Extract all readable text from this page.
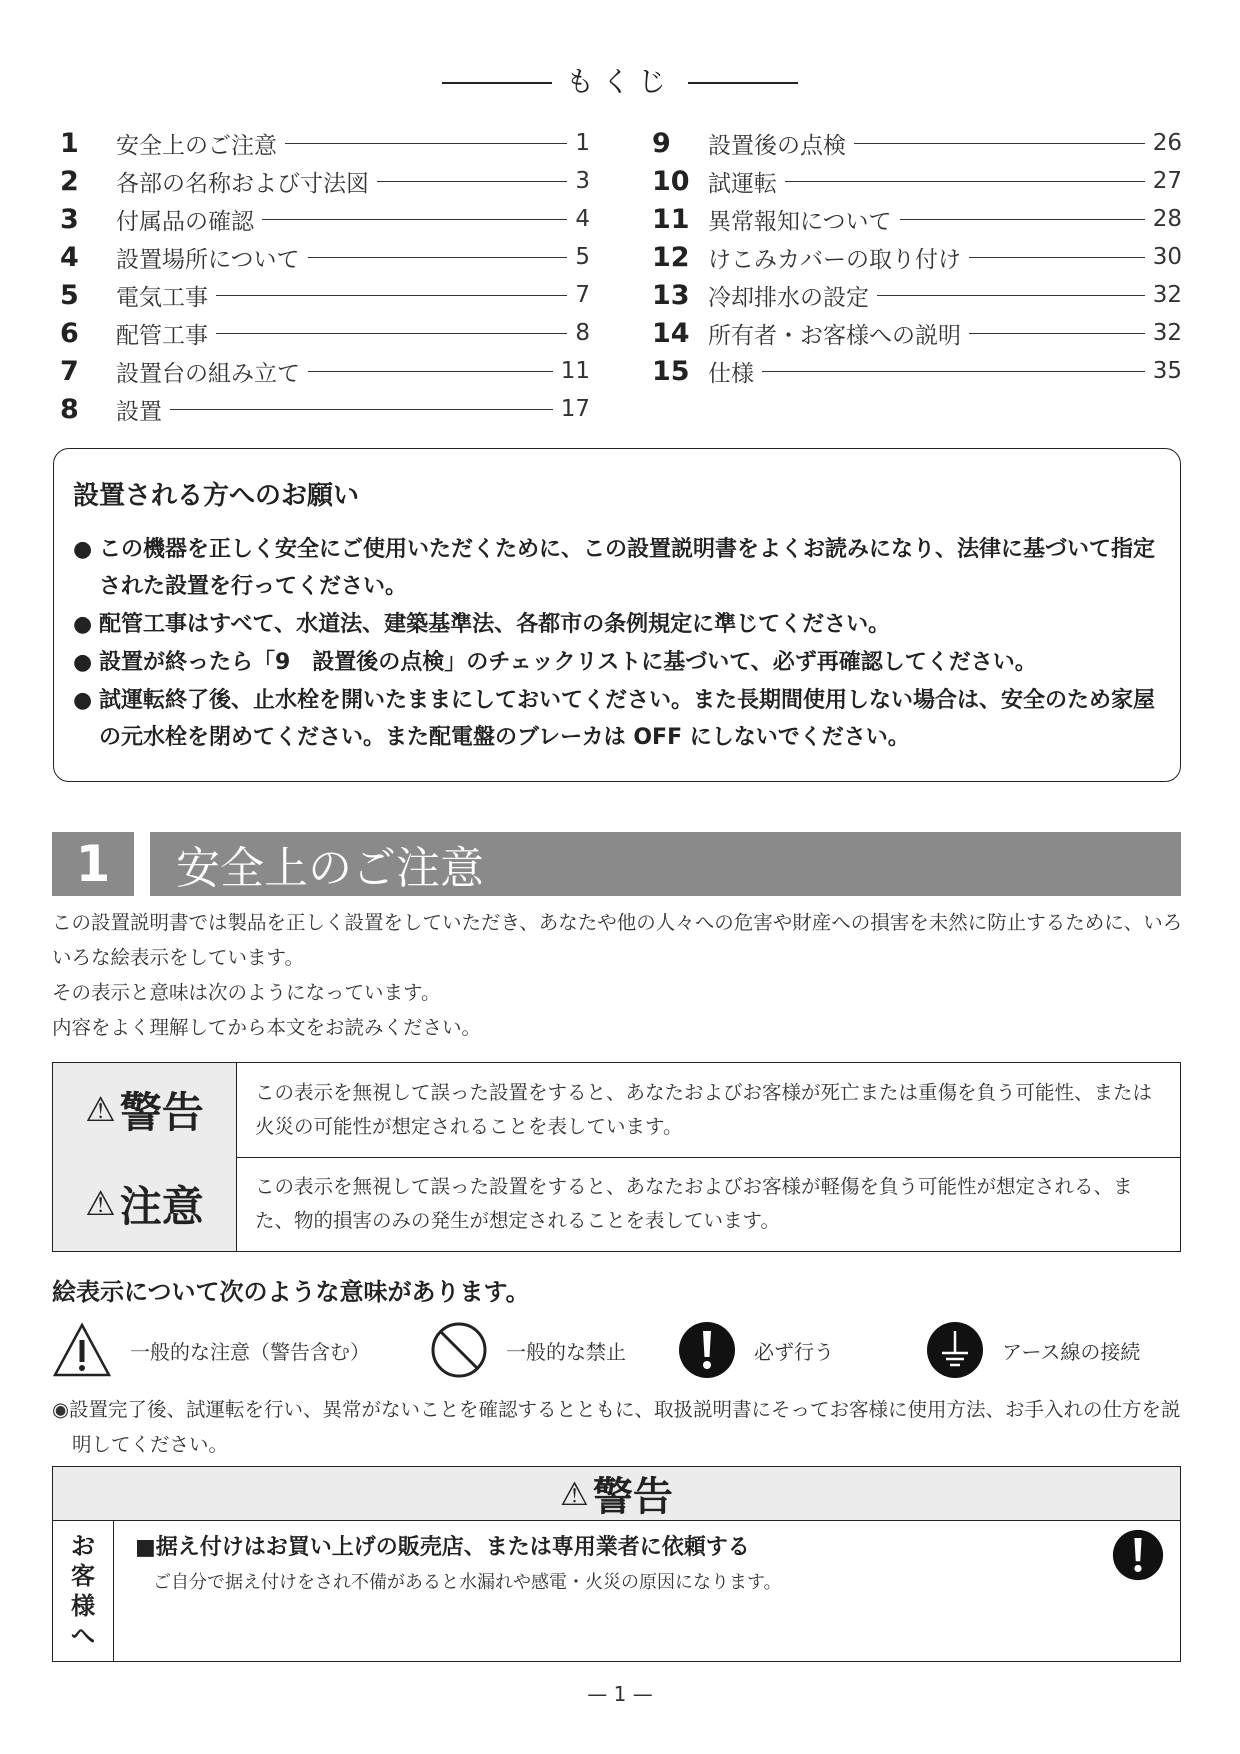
もくじ
1	安全上のご注意	1
2	各部の名称および寸法図	3
3	付属品の確認	4
4	設置場所について	5
5	電気工事	7
6	配管工事	8
7	設置台の組み立て	11
8	設置	17
9	設置後の点検	26
10 試運転	27
11 異常報知について	28
12 けこみカバーの取り付け	30
13 冷却排水の設定	32
14 所有者・お客様への説明	32
15 仕様	35
設置される方へのお願い
● この機器を正しく安全にご使用いただくために、この設置説明書をよくお読みになり、法律に基づいて指定された設置を行ってください。
● 配管工事はすべて、水道法、建築基準法、各都市の条例規定に準じてください。
● 設置が終ったら「9　設置後の点検」のチェックリストに基づいて、必ず再確認してください。
● 試運転終了後、止水栓を開いたままにしておいてください。また長期間使用しない場合は、安全のため家屋の元水栓を閉めてください。また配電盤のブレーカは OFF にしないでください。
1	安全上のご注意

この設置説明書では製品を正しく設置をしていただき、あなたや他の人々への危害や財産への損害を未然に防止するために、いろいろな絵表示をしています。

その表示と意味は次のようになっています。

内容をよく理解してから本文をお読みください。

⚠ 警告	この表示を無視して誤った設置をすると、あなたおよびお客様が死亡または重傷を負う可能性、または火災の可能性が想定されることを表しています。
⚠ 注意	この表示を無視して誤った設置をすると、あなたおよびお客様が軽傷を負う可能性が想定される、また、物的損害のみの発生が想定されることを表しています。
絵表示について次のような意味があります。
一般的な注意（警告含む）	一般的な禁止	必ず行う	アース線の接続
◉設置完了後、試運転を行い、異常がないことを確認するとともに、取扱説明書にそってお客様に使用方法、お手入れの仕方を説明してください。
⚠ 警告
お
客
様
へ
■据え付けはお買い上げの販売店、または専用業者に依頼する
ご自分で据え付けをされ不備があると水漏れや感電・火災の原因になります。
— 1 —
